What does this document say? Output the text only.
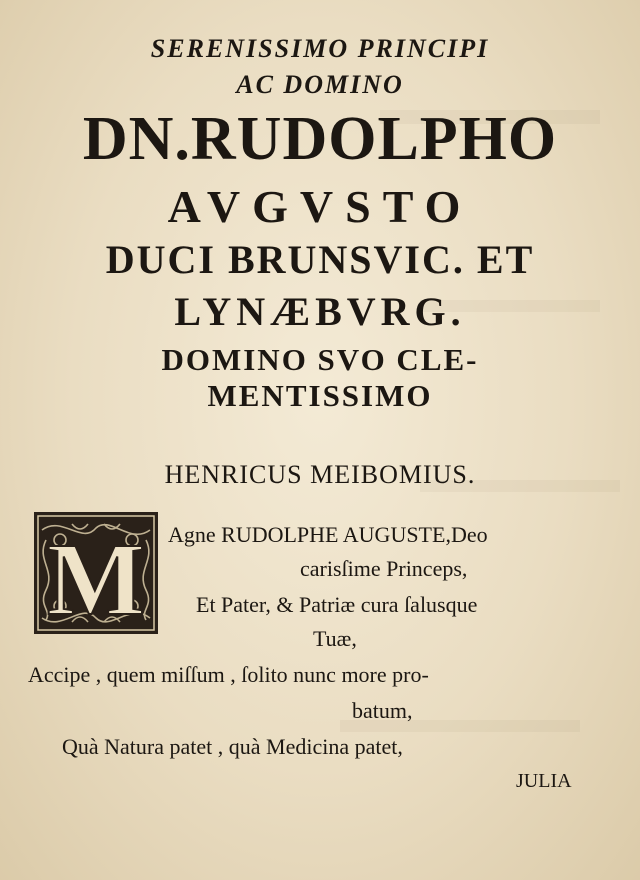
SERENISSIMO PRINCIPI
AC DOMINO
DN.RUDOLPHO
AVGVSTO
DUCI BRUNSVIC. ET
LYNÆBVRG.
DOMINO SVO CLE-
MENTISSIMO
HENRICUS MEIBOMIUS.
M Agne RUDOLPHE AUGUSTE,Deo
carisſime Princeps,
Et Pater, & Patriæ cura ſalusque
Tuæ,
Accipe , quem miſſum , ſolito nunc more pro-
batum,
Quà Natura patet , quà Medicina patet,
JULIA
